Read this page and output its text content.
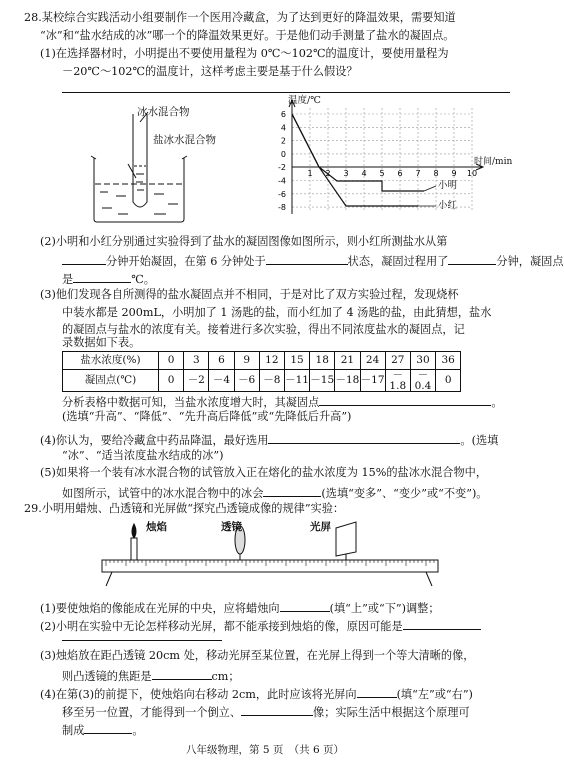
28.某校综合实践活动小组要制作一个医用冷藏盒，为了达到更好的降温效果，需要知道
“冰”和“盐水结成的冰”哪一个的降温效果更好。于是他们动手测量了盐水的凝固点。
(1)在选择器材时，小明提出不要使用量程为 0℃～102℃的温度计，要使用量程为
－20℃～102℃的温度计，这样考虑主要是基于什么假设？
冰水混合物
盐冰水混合物
6
4
2
0
-2
-4
-6
-8
1 2 3 4 5 6 7 8 9 10
温度/℃
时间/min
小明
小红
(2)小明和小红分别通过实验得到了盐水的凝固图像如图所示，则小红所测盐水从第
分钟开始凝固，在第 6 分钟处于	状态，凝固过程用了	分钟，凝固点
是	℃。
(3)他们发现各自所测得的盐水凝固点并不相同，于是对比了双方实验过程，发现烧杯
中装水都是 200mL，小明加了 1 汤匙的盐，而小红加了 4 汤匙的盐，由此猜想，盐水
的凝固点与盐水的浓度有关。接着进行多次实验，得出不同浓度盐水的凝固点，记
录数据如下表。
盐水浓度(%)	0	3	6	9	12	15	18	21	24	27	30	36
凝固点(℃)	0	－2	－4	－6	－8	－11	－15	－18	－17	－1.8	－0.4	0
分析表格中数据可知，当盐水浓度增大时，其凝固点	。
(选填“升高”、“降低”、“先升高后降低”或“先降低后升高”)
(4)你认为，要给冷藏盒中药品降温，最好选用	。(选填
“冰”、“适当浓度盐水结成的冰”)
(5)如果将一个装有冰水混合物的试管放入正在熔化的盐水浓度为 15%的盐冰水混合物中，
如图所示，试管中的冰水混合物中的冰会	(选填“变多”、“变少”或“不变”)。
29.小明用蜡烛、凸透镜和光屏做“探究凸透镜成像的规律”实验：
烛焰	透镜	光屏
(1)要使烛焰的像能成在光屏的中央，应将蜡烛向	(填“上”或“下”)调整；
(2)小明在实验中无论怎样移动光屏，都不能承接到烛焰的像，原因可能是
(3)烛焰放在距凸透镜 20cm 处，移动光屏至某位置，在光屏上得到一个等大清晰的像，
则凸透镜的焦距是	cm；
(4)在第(3)的前提下，使烛焰向右移动 2cm，此时应该将光屏向	(填“左”或“右”)
移至另一位置，才能得到一个倒立、	像；实际生活中根据这个原理可
制成	。
八年级物理，第 5 页　（共 6 页）
